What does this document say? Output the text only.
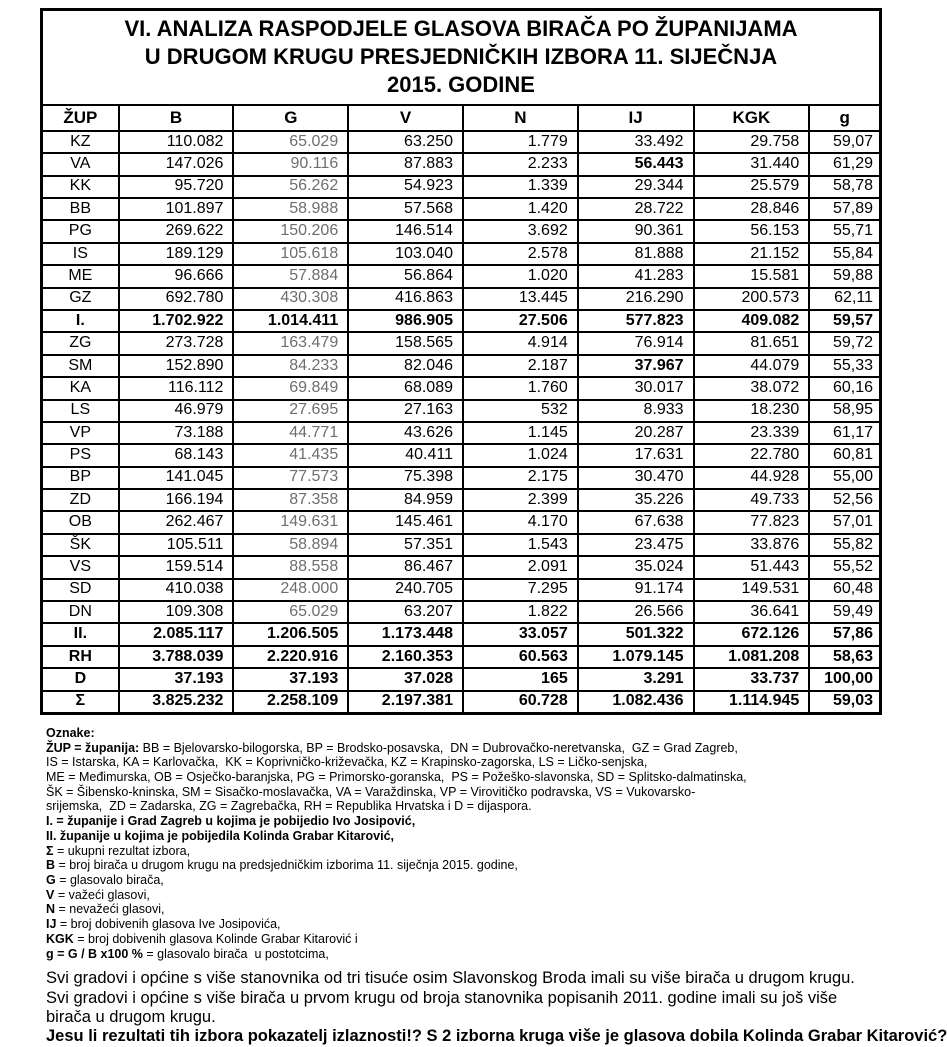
VI. ANALIZA RASPODJELE GLASOVA BIRAČA PO ŽUPANIJAMA
U DRUGOM KRUGU PRESJEDNIČKIH IZBORA 11. SIJEČNJA
2015. GODINE							

ŽUP	B	G	V	N	IJ	KGK	g
KZ	110.082	65.029	63.250	1.779	33.492	29.758	59,07
VA	147.026	90.116	87.883	2.233	56.443	31.440	61,29
KK	95.720	56.262	54.923	1.339	29.344	25.579	58,78
BB	101.897	58.988	57.568	1.420	28.722	28.846	57,89
PG	269.622	150.206	146.514	3.692	90.361	56.153	55,71
IS	189.129	105.618	103.040	2.578	81.888	21.152	55,84
ME	96.666	57.884	56.864	1.020	41.283	15.581	59,88
GZ	692.780	430.308	416.863	13.445	216.290	200.573	62,11
I.	1.702.922	1.014.411	986.905	27.506	577.823	409.082	59,57
ZG	273.728	163.479	158.565	4.914	76.914	81.651	59,72
SM	152.890	84.233	82.046	2.187	37.967	44.079	55,33
KA	116.112	69.849	68.089	1.760	30.017	38.072	60,16
LS	46.979	27.695	27.163	532	8.933	18.230	58,95
VP	73.188	44.771	43.626	1.145	20.287	23.339	61,17
PS	68.143	41.435	40.411	1.024	17.631	22.780	60,81
BP	141.045	77.573	75.398	2.175	30.470	44.928	55,00
ZD	166.194	87.358	84.959	2.399	35.226	49.733	52,56
OB	262.467	149.631	145.461	4.170	67.638	77.823	57,01
ŠK	105.511	58.894	57.351	1.543	23.475	33.876	55,82
VS	159.514	88.558	86.467	2.091	35.024	51.443	55,52
SD	410.038	248.000	240.705	7.295	91.174	149.531	60,48
DN	109.308	65.029	63.207	1.822	26.566	36.641	59,49
II.	2.085.117	1.206.505	1.173.448	33.057	501.322	672.126	57,86
RH	3.788.039	2.220.916	2.160.353	60.563	1.079.145	1.081.208	58,63
D	37.193	37.193	37.028	165	3.291	33.737	100,00
Σ	3.825.232	2.258.109	2.197.381	60.728	1.082.436	1.114.945	59,03
Oznake:
ŽUP = županija: BB = Bjelovarsko-bilogorska, BP = Brodsko-posavska,  DN = Dubrovačko-neretvanska,  GZ = Grad Zagreb,
IS = Istarska, KA = Karlovačka,  KK = Koprivničko-križevačka, KZ = Krapinsko-zagorska, LS = Ličko-senjska,
ME = Međimurska, OB = Osječko-baranjska, PG = Primorsko-goranska,  PS = Požeško-slavonska, SD = Splitsko-dalmatinska,
ŠK = Šibensko-kninska, SM = Sisačko-moslavačka, VA = Varaždinska, VP = Virovitičko podravska, VS = Vukovarsko-
srijemska,  ZD = Zadarska, ZG = Zagrebačka, RH = Republika Hrvatska i D = dijaspora.
I. = županije i Grad Zagreb u kojima je pobijedio Ivo Josipović,
II. županije u kojima je pobijedila Kolinda Grabar Kitarović,
Σ = ukupni rezultat izbora,
B = broj birača u drugom krugu na predsjedničkim izborima 11. siječnja 2015. godine,
G = glasovalo birača,
V = važeći glasovi,
N = nevažeći glasovi,
IJ = broj dobivenih glasova Ive Josipovića,
KGK = broj dobivenih glasova Kolinde Grabar Kitarović i
g = G / B x100 % = glasovalo birača  u postotcima,
Svi gradovi i općine s više stanovnika od tri tisuće osim Slavonskog Broda imali su više birača u drugom krugu. Svi gradovi i općine s više birača u prvom krugu od broja stanovnika popisanih 2011. godine imali su još više birača u drugom krugu.
Jesu li rezultati tih izbora pokazatelj izlaznosti!? S 2 izborna kruga više je glasova dobila Kolinda Grabar Kitarović?
